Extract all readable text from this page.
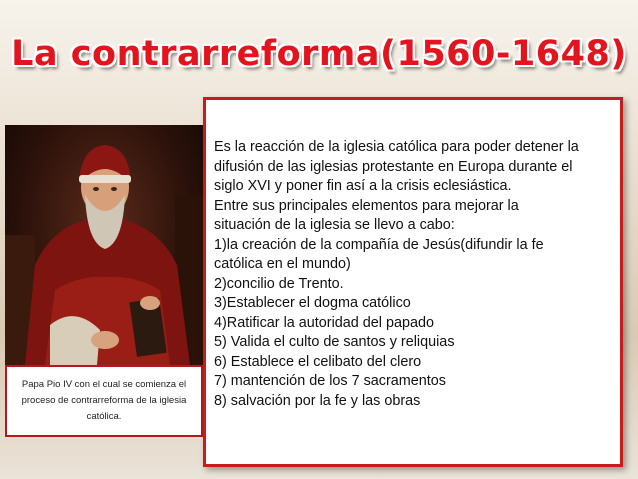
La contrarreforma(1560-1648)
Papa Pio IV con el cual se comienza el proceso de contrarreforma de la iglesia católica.

Es la reacción de la iglesia católica para poder detener la

difusión de las iglesias protestante en Europa durante el

siglo XVI y poner fin así a la crisis eclesiástica.

Entre sus principales elementos para mejorar la

situación de la iglesia se llevo a cabo:

1)la creación de la compañía de Jesús(difundir la fe

católica en el mundo)

2)concilio de Trento.

3)Establecer el dogma católico

4)Ratificar la autoridad del papado

5) Valida el culto de santos y reliquias

6) Establece el celibato del clero

7) mantención de los 7 sacramentos

8) salvación por la fe y las obras
